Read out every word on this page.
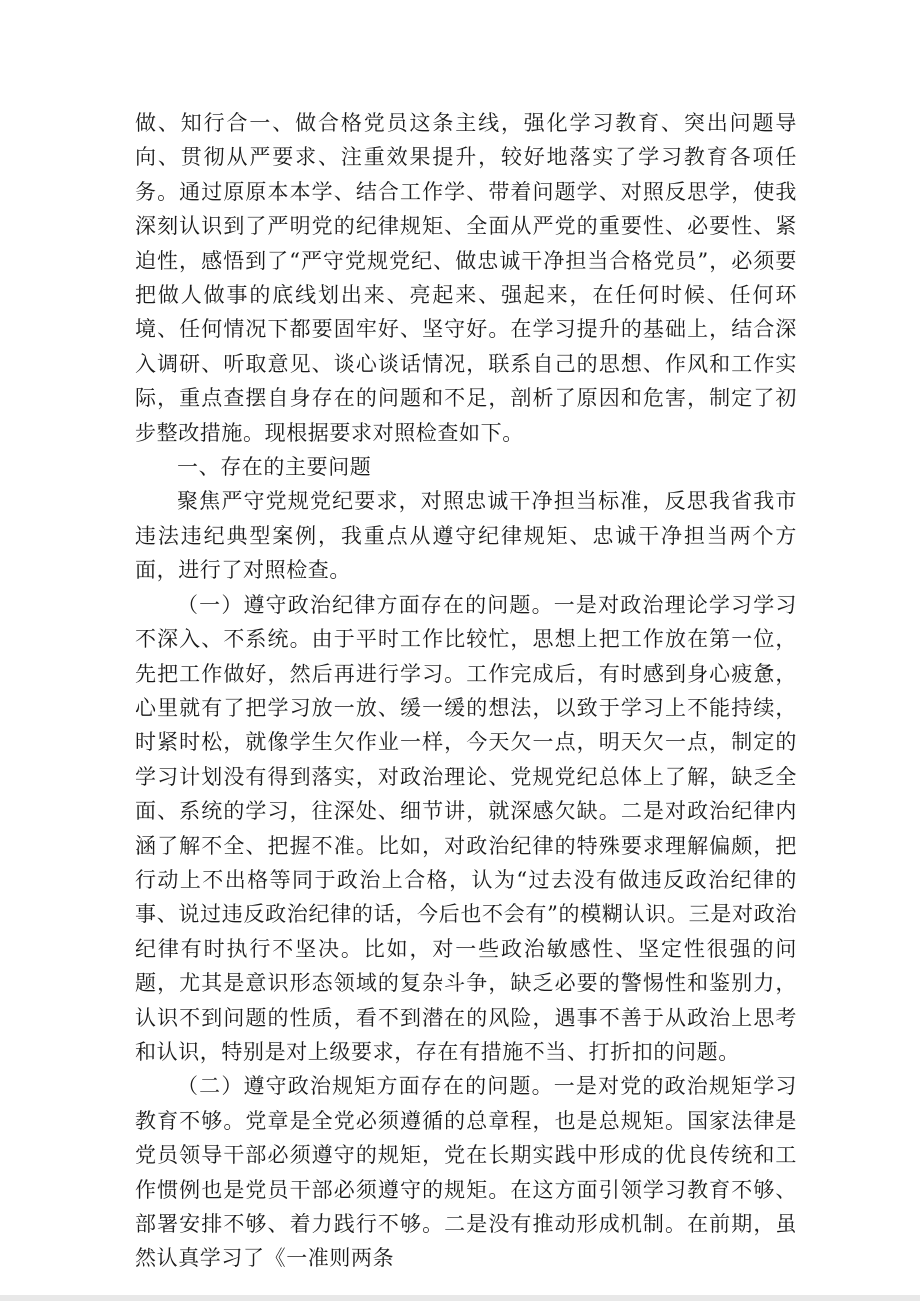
做、知行合一、做合格党员这条主线，强化学习教育、突出问题导向、贯彻从严要求、注重效果提升，较好地落实了学习教育各项任务。通过原原本本学、结合工作学、带着问题学、对照反思学，使我深刻认识到了严明党的纪律规矩、全面从严党的重要性、必要性、紧迫性，感悟到了“严守党规党纪、做忠诚干净担当合格党员”，必须要把做人做事的底线划出来、亮起来、强起来，在任何时候、任何环境、任何情况下都要固牢好、坚守好。在学习提升的基础上，结合深入调研、听取意见、谈心谈话情况，联系自己的思想、作风和工作实际，重点查摆自身存在的问题和不足，剖析了原因和危害，制定了初步整改措施。现根据要求对照检查如下。

一、存在的主要问题

聚焦严守党规党纪要求，对照忠诚干净担当标准，反思我省我市违法违纪典型案例，我重点从遵守纪律规矩、忠诚干净担当两个方面，进行了对照检查。

（一）遵守政治纪律方面存在的问题。一是对政治理论学习学习不深入、不系统。由于平时工作比较忙，思想上把工作放在第一位，先把工作做好，然后再进行学习。工作完成后，有时感到身心疲惫，心里就有了把学习放一放、缓一缓的想法，以致于学习上不能持续，时紧时松，就像学生欠作业一样，今天欠一点，明天欠一点，制定的学习计划没有得到落实，对政治理论、党规党纪总体上了解，缺乏全面、系统的学习，往深处、细节讲，就深感欠缺。二是对政治纪律内涵了解不全、把握不准。比如，对政治纪律的特殊要求理解偏颇，把行动上不出格等同于政治上合格，认为“过去没有做违反政治纪律的事、说过违反政治纪律的话，今后也不会有”的模糊认识。三是对政治纪律有时执行不坚决。比如，对一些政治敏感性、坚定性很强的问题，尤其是意识形态领域的复杂斗争，缺乏必要的警惕性和鉴别力，认识不到问题的性质，看不到潜在的风险，遇事不善于从政治上思考和认识，特别是对上级要求，存在有措施不当、打折扣的问题。

（二）遵守政治规矩方面存在的问题。一是对党的政治规矩学习教育不够。党章是全党必须遵循的总章程，也是总规矩。国家法律是党员领导干部必须遵守的规矩，党在长期实践中形成的优良传统和工作惯例也是党员干部必须遵守的规矩。在这方面引领学习教育不够、部署安排不够、着力践行不够。二是没有推动形成机制。在前期，虽然认真学习了《一准则两条
